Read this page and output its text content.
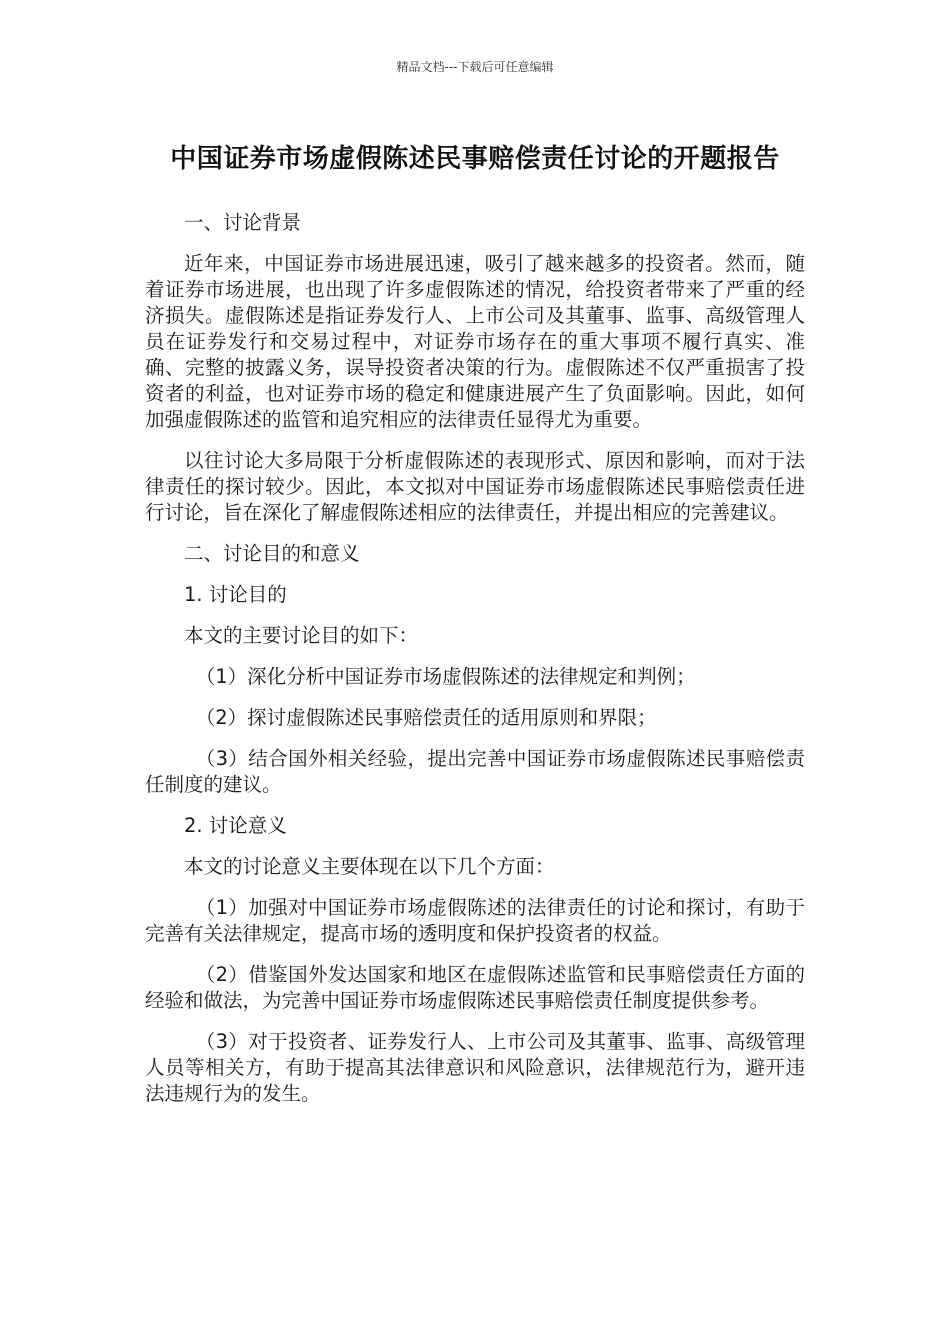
精品文档---下载后可任意编辑
中国证券市场虚假陈述民事赔偿责任讨论的开题报告

一、讨论背景

近年来，中国证券市场进展迅速，吸引了越来越多的投资者。然而，随着证券市场进展，也出现了许多虚假陈述的情况，给投资者带来了严重的经济损失。虚假陈述是指证券发行人、上市公司及其董事、监事、高级管理人员在证券发行和交易过程中，对证券市场存在的重大事项不履行真实、准确、完整的披露义务，误导投资者决策的行为。虚假陈述不仅严重损害了投资者的利益，也对证券市场的稳定和健康进展产生了负面影响。因此，如何加强虚假陈述的监管和追究相应的法律责任显得尤为重要。

以往讨论大多局限于分析虚假陈述的表现形式、原因和影响，而对于法律责任的探讨较少。因此，本文拟对中国证券市场虚假陈述民事赔偿责任进行讨论，旨在深化了解虚假陈述相应的法律责任，并提出相应的完善建议。

二、讨论目的和意义

1. 讨论目的

本文的主要讨论目的如下：

（1）深化分析中国证券市场虚假陈述的法律规定和判例；

（2）探讨虚假陈述民事赔偿责任的适用原则和界限；

（3）结合国外相关经验，提出完善中国证券市场虚假陈述民事赔偿责任制度的建议。

2. 讨论意义

本文的讨论意义主要体现在以下几个方面：

（1）加强对中国证券市场虚假陈述的法律责任的讨论和探讨，有助于完善有关法律规定，提高市场的透明度和保护投资者的权益。

（2）借鉴国外发达国家和地区在虚假陈述监管和民事赔偿责任方面的经验和做法，为完善中国证券市场虚假陈述民事赔偿责任制度提供参考。

（3）对于投资者、证券发行人、上市公司及其董事、监事、高级管理人员等相关方，有助于提高其法律意识和风险意识，法律规范行为，避开违法违规行为的发生。
